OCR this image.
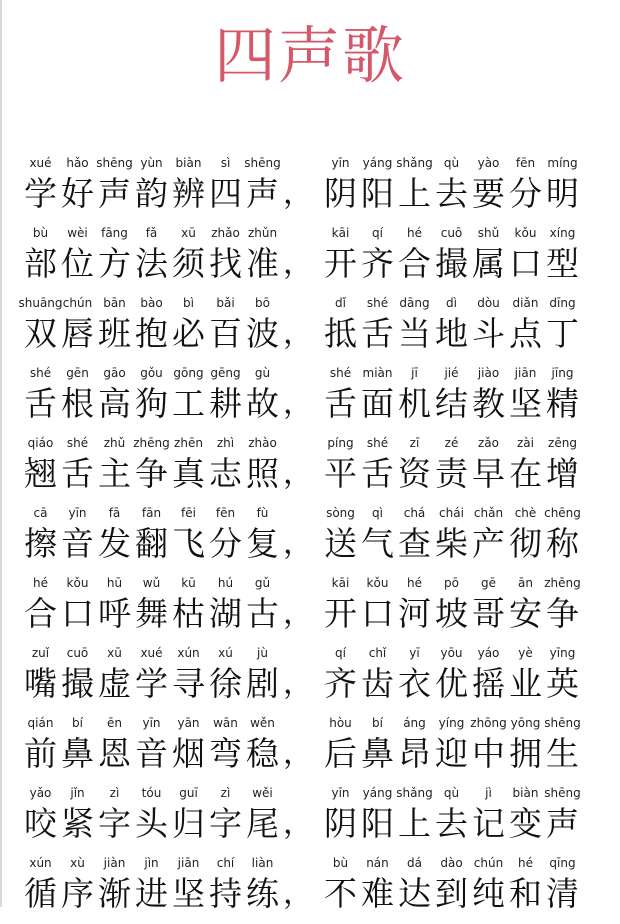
四声歌
xué
学
hǎo
好
shēng
声
yùn
韵
biàn
辨
sì
四
shēng
声
yīn
阴
yáng
阳
shǎng
上
qù
去
yào
要
fēn
分
míng
明
，
bù
部
wèi
位
fāng
方
fǎ
法
xū
须
zhǎo
找
zhǔn
准
kāi
开
qí
齐
hé
合
cuō
撮
shǔ
属
kǒu
口
xíng
型
，
shuāng
双
chún
唇
bān
班
bào
抱
bì
必
bǎi
百
bō
波
dǐ
抵
shé
舌
dāng
当
dì
地
dòu
斗
diǎn
点
dīng
丁
，
shé
舌
gēn
根
gāo
高
gǒu
狗
gōng
工
gēng
耕
gù
故
shé
舌
miàn
面
jī
机
jié
结
jiào
教
jiān
坚
jīng
精
，
qiáo
翘
shé
舌
zhǔ
主
zhēng
争
zhēn
真
zhì
志
zhào
照
píng
平
shé
舌
zī
资
zé
责
zǎo
早
zài
在
zēng
增
，
cā
擦
yīn
音
fā
发
fān
翻
fēi
飞
fēn
分
fù
复
sòng
送
qì
气
chá
查
chái
柴
chǎn
产
chè
彻
chēng
称
，
hé
合
kǒu
口
hū
呼
wǔ
舞
kū
枯
hú
湖
gǔ
古
kāi
开
kǒu
口
hé
河
pō
坡
gē
哥
ān
安
zhēng
争
，
zuǐ
嘴
cuō
撮
xū
虚
xué
学
xún
寻
xú
徐
jù
剧
qí
齐
chǐ
齿
yī
衣
yōu
优
yáo
摇
yè
业
yīng
英
，
qián
前
bí
鼻
ēn
恩
yīn
音
yān
烟
wān
弯
wěn
稳
hòu
后
bí
鼻
áng
昂
yíng
迎
zhōng
中
yōng
拥
shēng
生
，
yǎo
咬
jǐn
紧
zì
字
tóu
头
guī
归
zì
字
wěi
尾
yīn
阴
yáng
阳
shǎng
上
qù
去
jì
记
biàn
变
shēng
声
，
xún
循
xù
序
jiàn
渐
jìn
进
jiān
坚
chí
持
liàn
练
bù
不
nán
难
dá
达
dào
到
chún
纯
hé
和
qīng
清
，
